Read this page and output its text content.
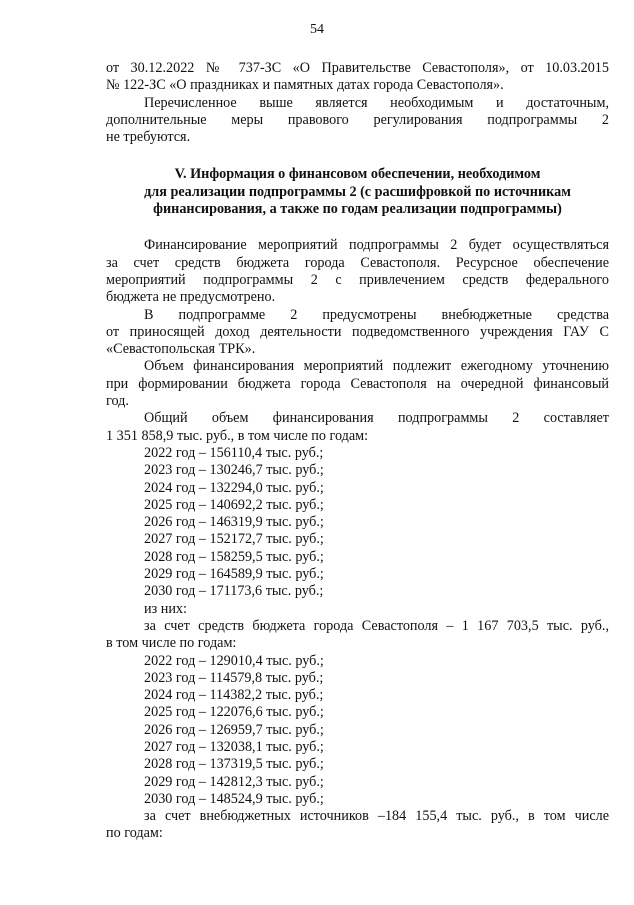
54

от 30.12.2022 № 737-ЗС «О Правительстве Севастополя», от 10.03.2015

№ 122-ЗС «О праздниках и памятных датах города Севастополя».

Перечисленное выше является необходимым и достаточным,

дополнительные меры правового регулирования подпрограммы 2

не требуются.

V. Информация о финансовом обеспечении, необходимом
для реализации подпрограммы 2 (с расшифровкой по источникам
финансирования, а также по годам реализации подпрограммы)

Финансирование мероприятий подпрограммы 2 будет осуществляться

за счет средств бюджета города Севастополя. Ресурсное обеспечение

мероприятий подпрограммы 2 с привлечением средств федерального

бюджета не предусмотрено.

В подпрограмме 2 предусмотрены внебюджетные средства

от приносящей доход деятельности подведомственного учреждения ГАУ С

«Севастопольская ТРК».

Объем финансирования мероприятий подлежит ежегодному уточнению

при формировании бюджета города Севастополя на очередной финансовый

год.

Общий объем финансирования подпрограммы 2 составляет

1 351 858,9 тыс. руб., в том числе по годам:

2022 год – 156110,4 тыс. руб.;

2023 год – 130246,7 тыс. руб.;

2024 год – 132294,0 тыс. руб.;

2025 год – 140692,2 тыс. руб.;

2026 год – 146319,9 тыс. руб.;

2027 год – 152172,7 тыс. руб.;

2028 год – 158259,5 тыс. руб.;

2029 год – 164589,9 тыс. руб.;

2030 год – 171173,6 тыс. руб.;

из них:

за счет средств бюджета города Севастополя – 1 167 703,5 тыс. руб.,

в том числе по годам:

2022 год – 129010,4 тыс. руб.;

2023 год – 114579,8 тыс. руб.;

2024 год – 114382,2 тыс. руб.;

2025 год – 122076,6 тыс. руб.;

2026 год – 126959,7 тыс. руб.;

2027 год – 132038,1 тыс. руб.;

2028 год – 137319,5 тыс. руб.;

2029 год – 142812,3 тыс. руб.;

2030 год – 148524,9 тыс. руб.;

за счет внебюджетных источников –184 155,4 тыс. руб., в том числе

по годам:
